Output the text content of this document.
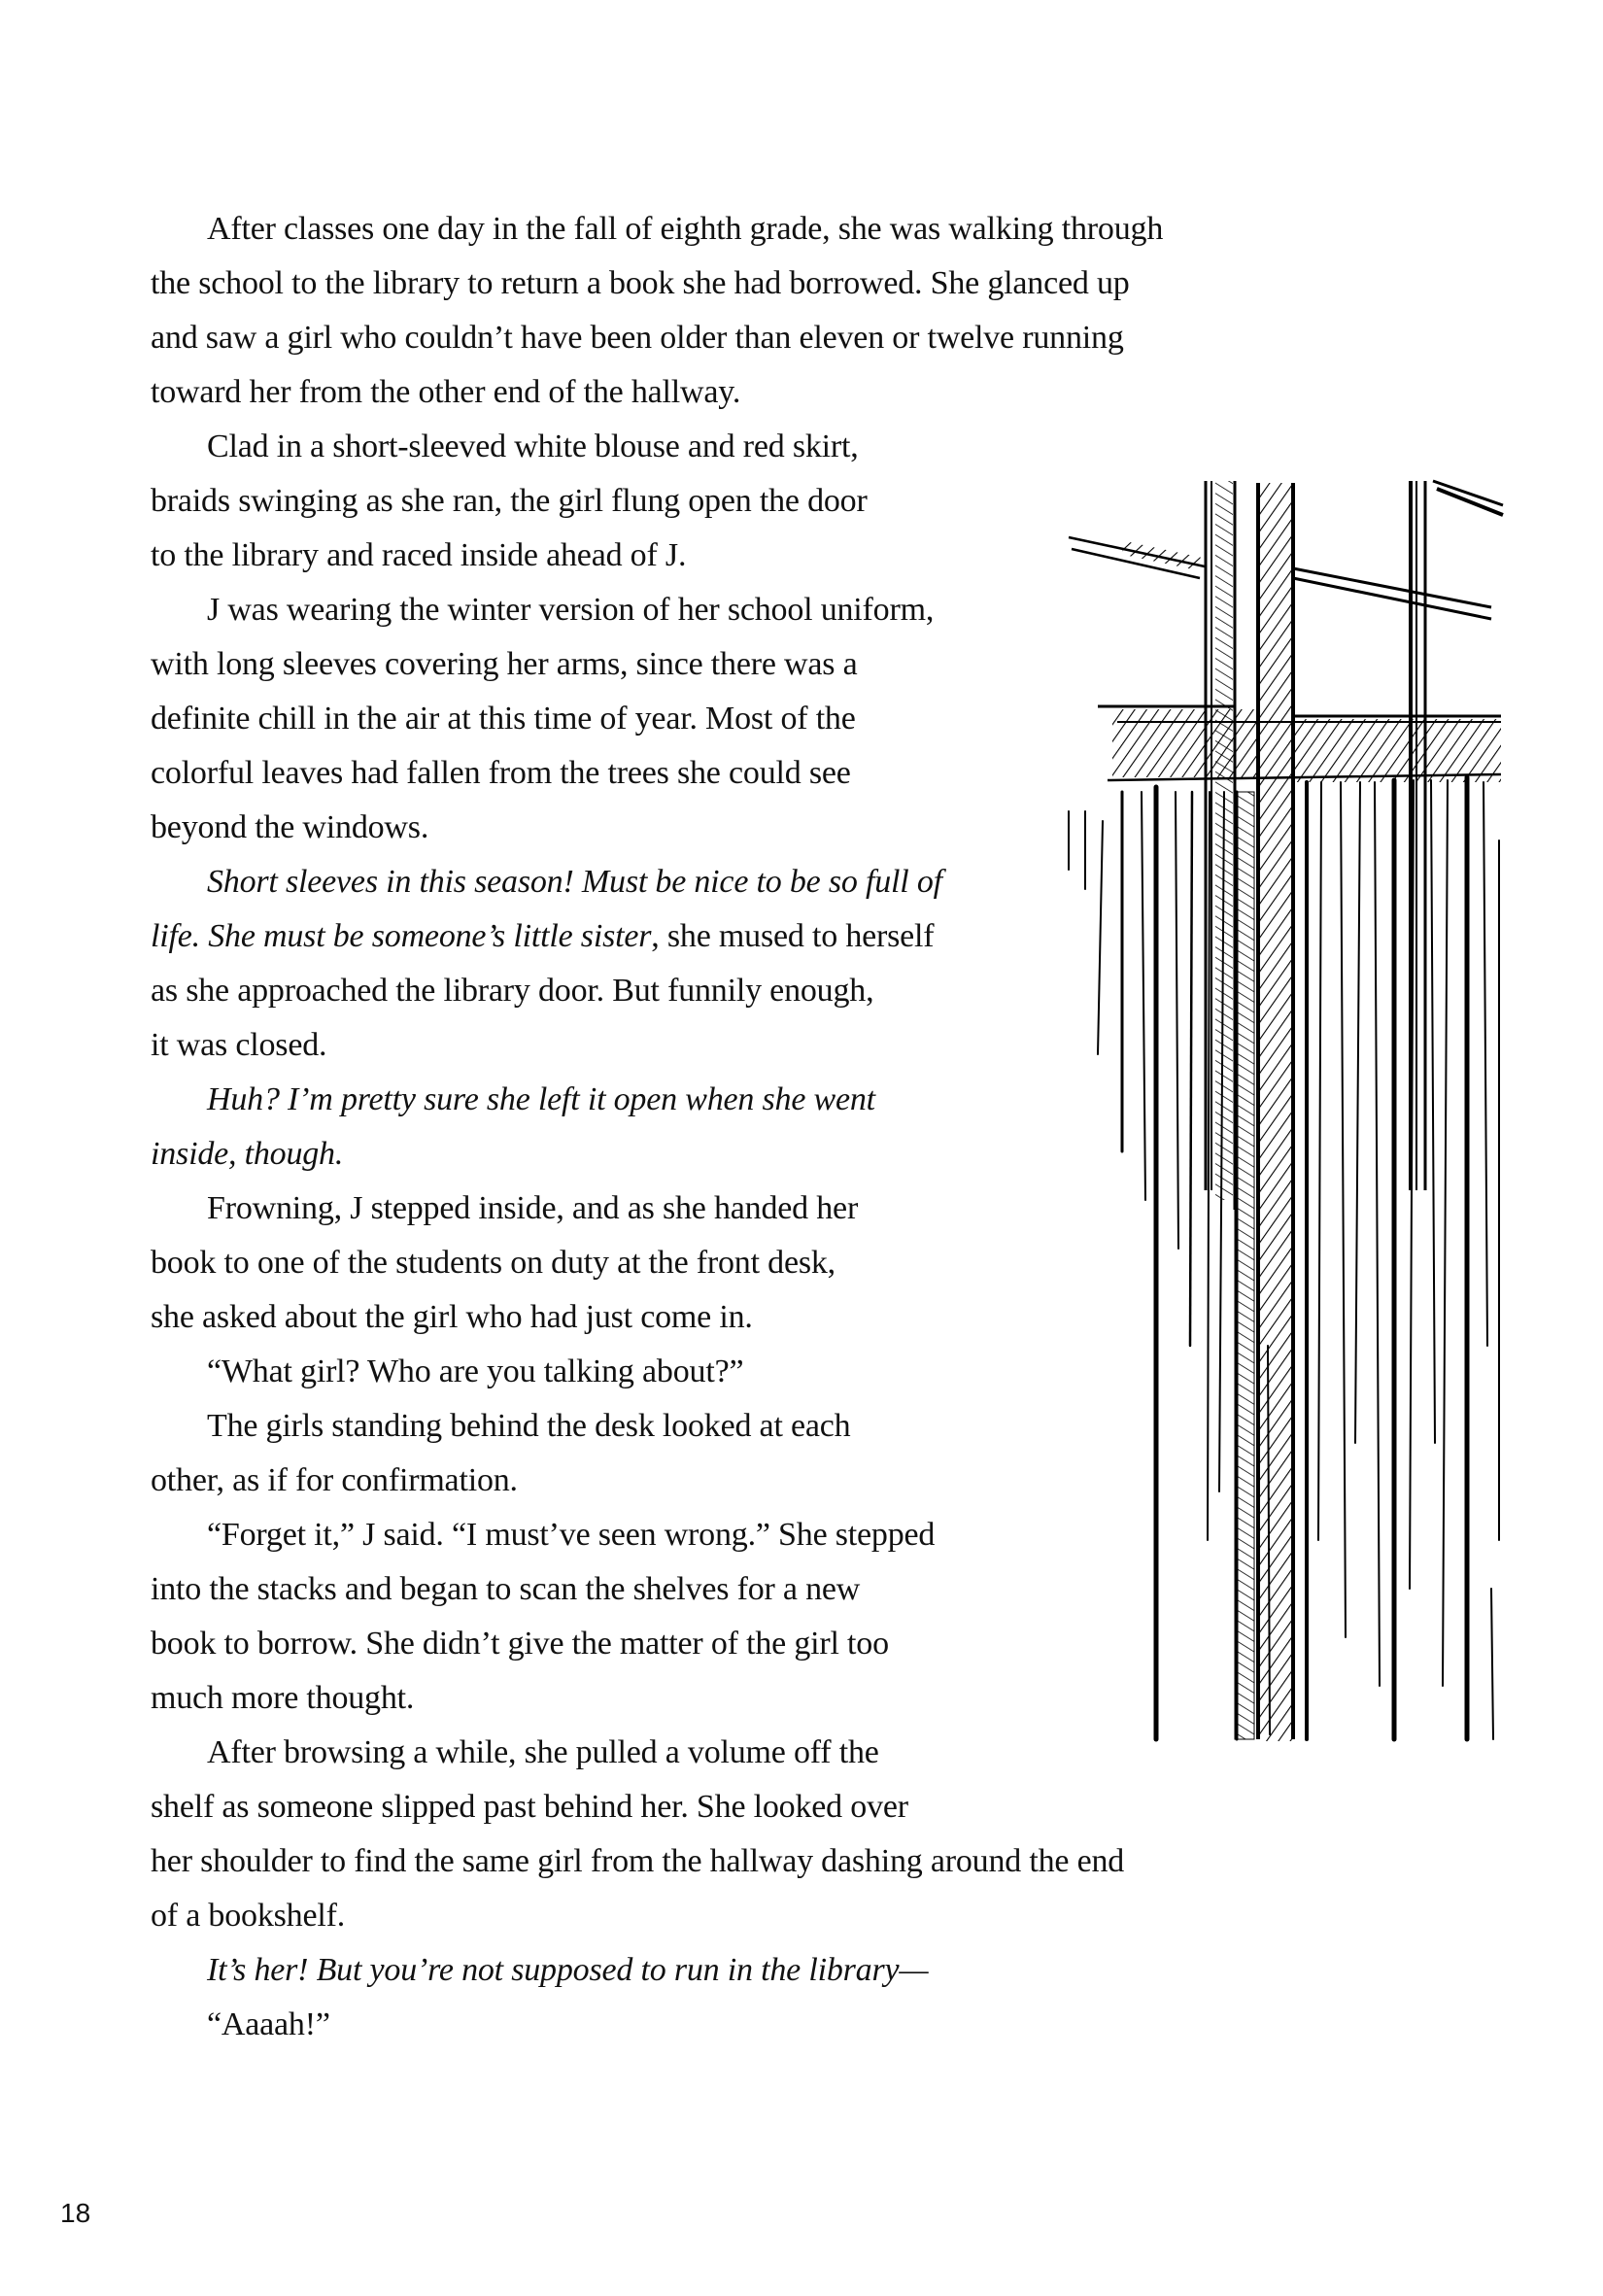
After classes one day in the fall of eighth grade, she was walking through
the school to the library to return a book she had borrowed. She glanced up
and saw a girl who couldn’t have been older than eleven or twelve running
toward her from the other end of the hallway.
Clad in a short-sleeved white blouse and red skirt,
braids swinging as she ran, the girl flung open the door
to the library and raced inside ahead of J.
J was wearing the winter version of her school uniform,
with long sleeves covering her arms, since there was a
definite chill in the air at this time of year. Most of the
colorful leaves had fallen from the trees she could see
beyond the windows.
Short sleeves in this season! Must be nice to be so full of
life. She must be someone’s little sister, she mused to herself
as she approached the library door. But funnily enough,
it was closed.
Huh? I’m pretty sure she left it open when she went
inside, though.
Frowning, J stepped inside, and as she handed her
book to one of the students on duty at the front desk,
she asked about the girl who had just come in.
“What girl? Who are you talking about?”
The girls standing behind the desk looked at each
other, as if for confirmation.
“Forget it,” J said. “I must’ve seen wrong.” She stepped
into the stacks and began to scan the shelves for a new
book to borrow. She didn’t give the matter of the girl too
much more thought.
After browsing a while, she pulled a volume off the
shelf as someone slipped past behind her. She looked over
her shoulder to find the same girl from the hallway dashing around the end
of a bookshelf.
It’s her! But you’re not supposed to run in the library—
“Aaaah!”
18
